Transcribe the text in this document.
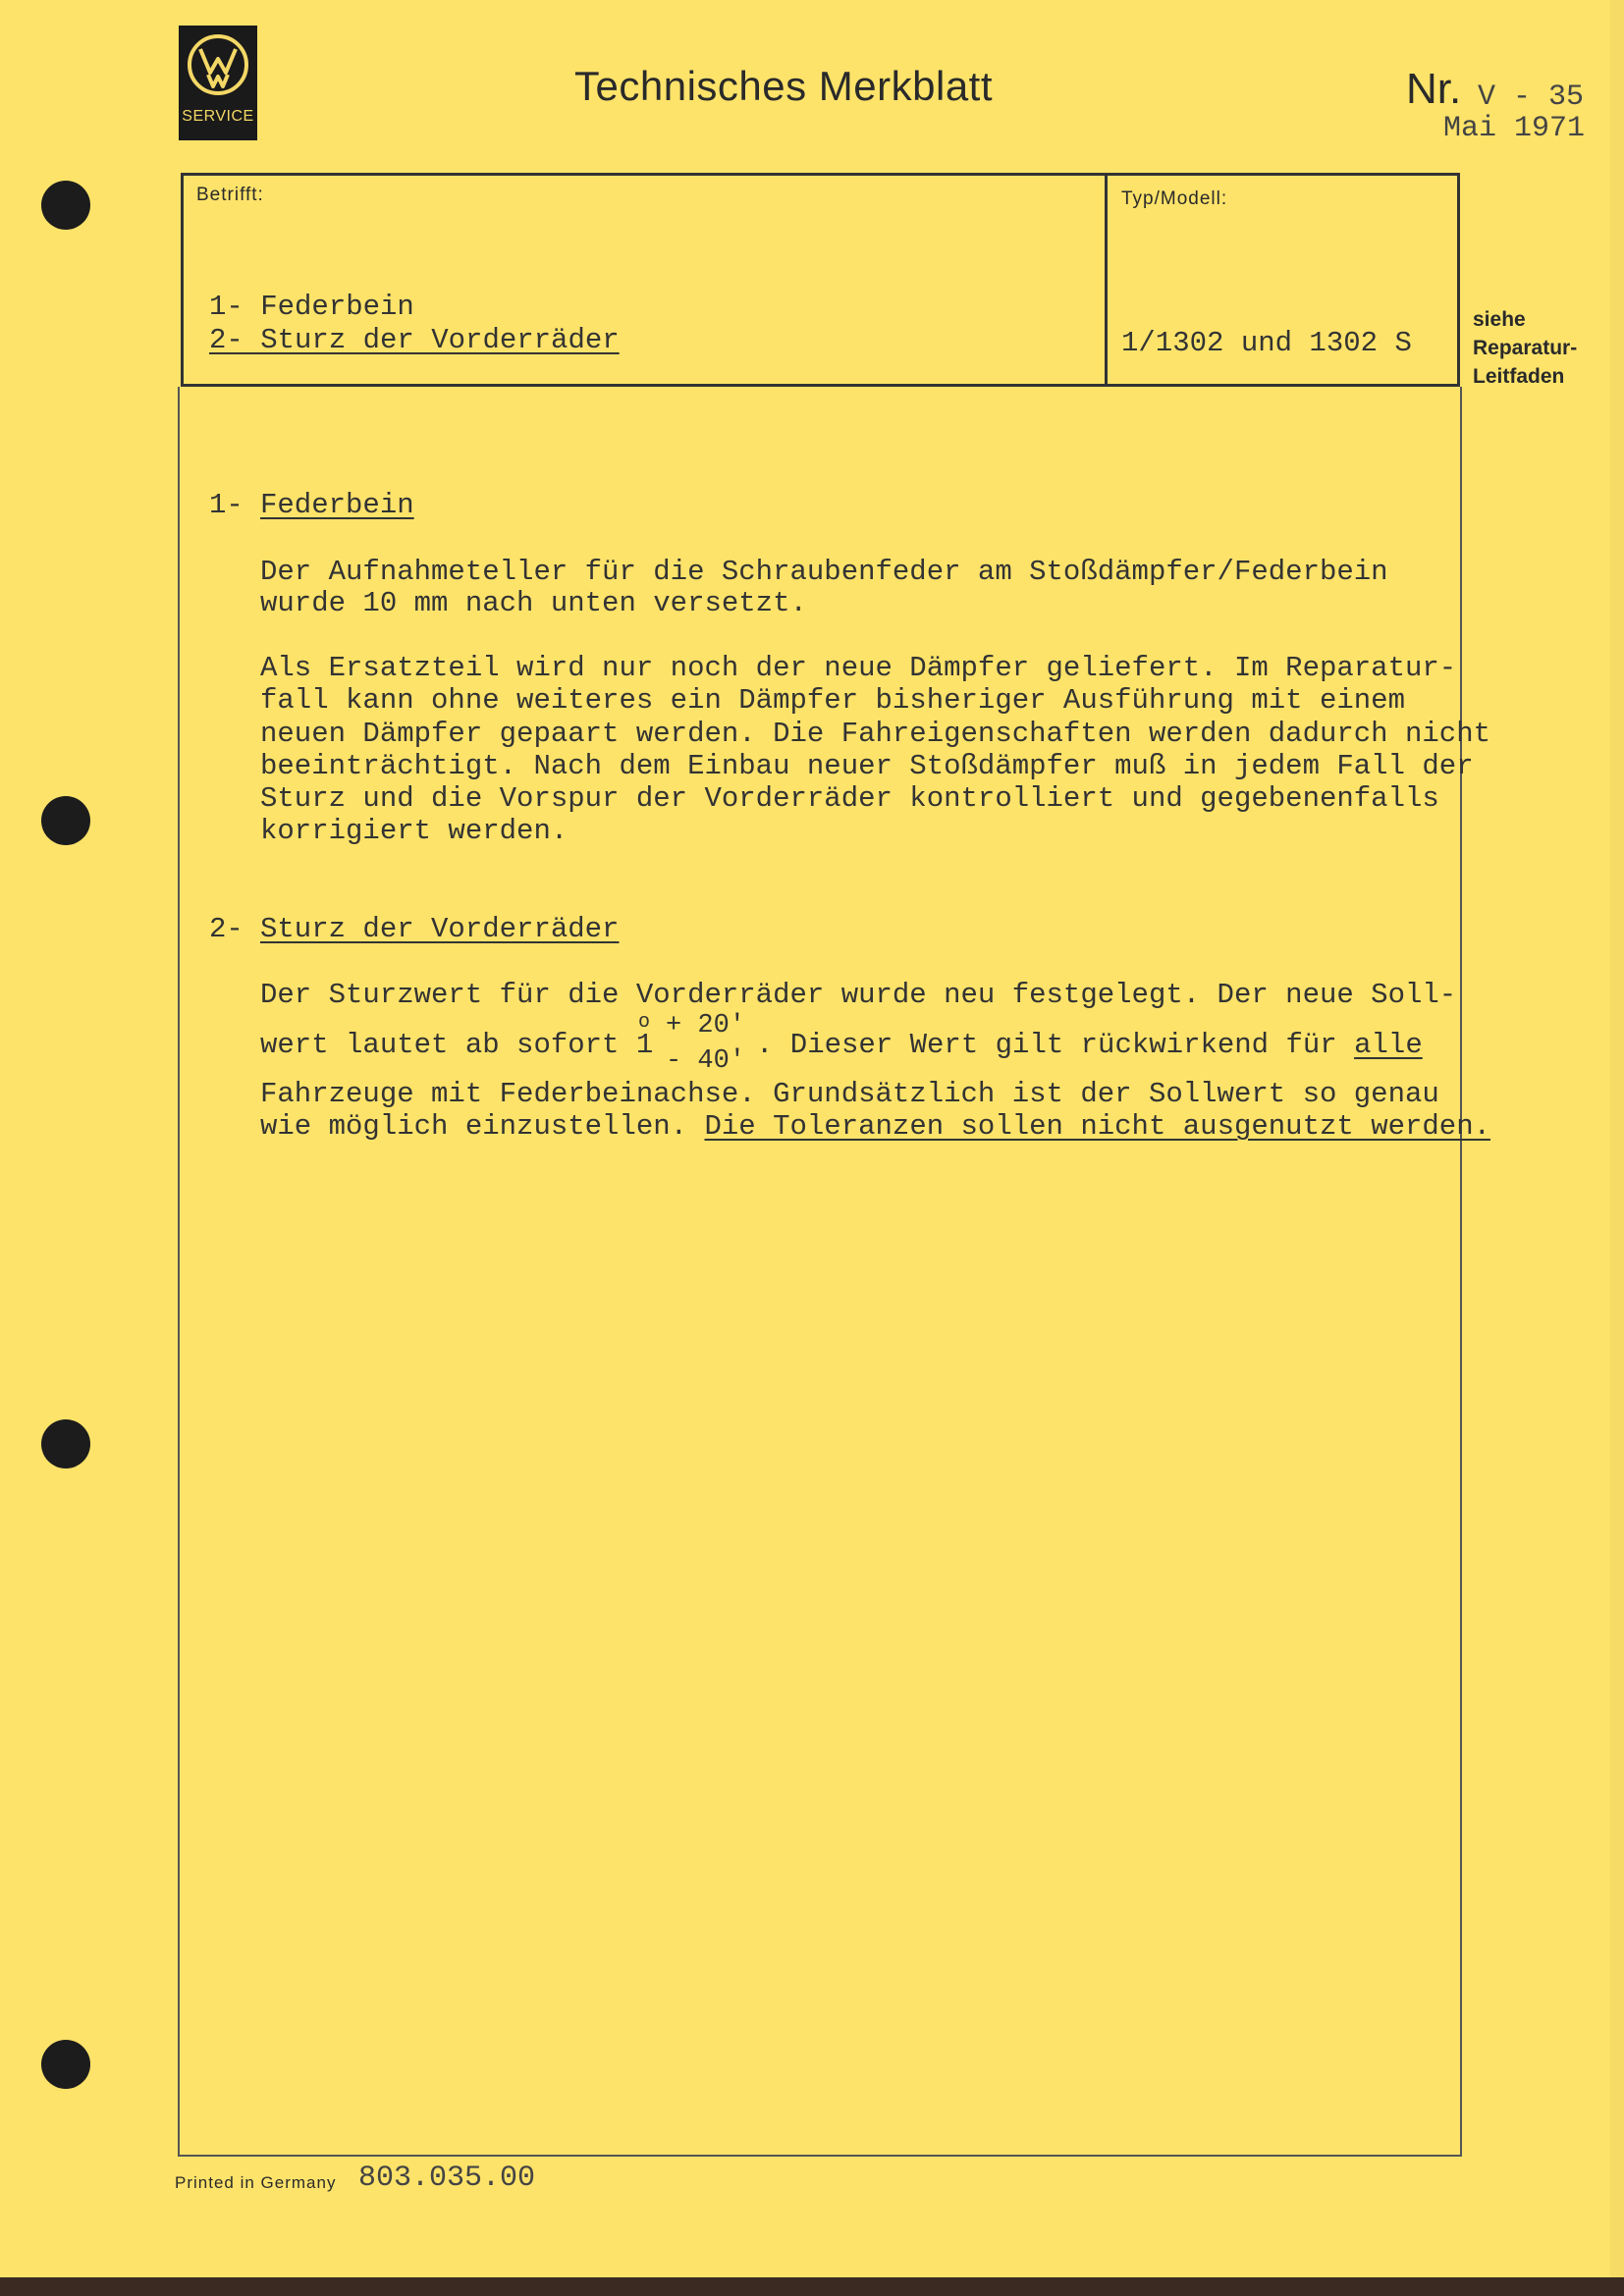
SERVICE
Technisches Merkblatt	Nr. V - 35
Mai 1971
Betrifft:	Typ/Modell:
1- Federbein
2- Sturz der Vorderräder	1/1302 und 1302 S
siehe
Reparatur-
Leitfaden
1- Federbein
Der Aufnahmeteller für die Schraubenfeder am Stoßdämpfer/Federbein
wurde 10 mm nach unten versetzt.
Als Ersatzteil wird nur noch der neue Dämpfer geliefert. Im Reparatur-
fall kann ohne weiteres ein Dämpfer bisheriger Ausführung mit einem
neuen Dämpfer gepaart werden. Die Fahreigenschaften werden dadurch nicht
beeinträchtigt. Nach dem Einbau neuer Stoßdämpfer muß in jedem Fall der
Sturz und die Vorspur der Vorderräder kontrolliert und gegebenenfalls
korrigiert werden.
2- Sturz der Vorderräder
Der Sturzwert für die Vorderräder wurde neu festgelegt. Der neue Soll-
wert lautet ab sofort 1
o + 20'
- 40' . Dieser Wert gilt rückwirkend für alle
Fahrzeuge mit Federbeinachse. Grundsätzlich ist der Sollwert so genau
wie möglich einzustellen. Die Toleranzen sollen nicht ausgenutzt werden.
Printed in Germany 803.035.00
